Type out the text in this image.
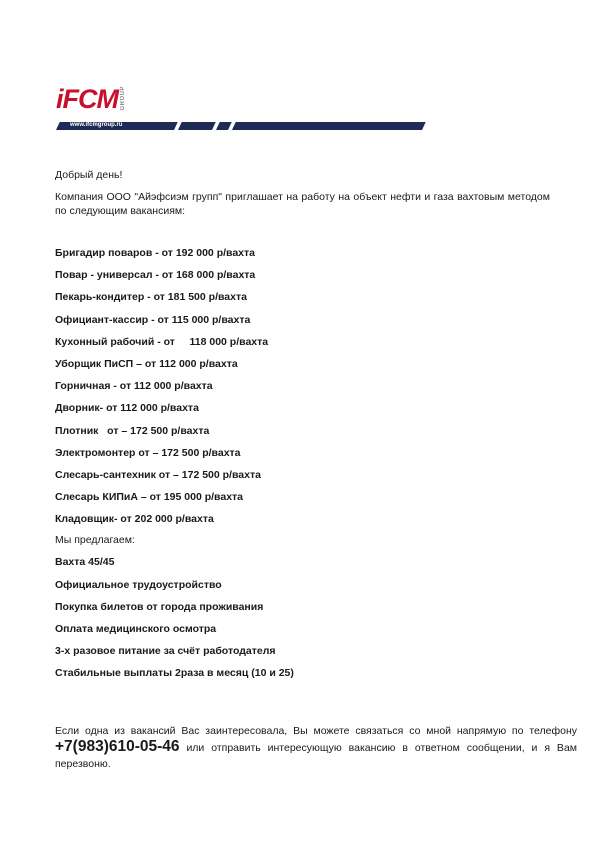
i FCM GROUP
www.ifcmgroup.ru

Добрый день!

Компания ООО "Айэфсиэм групп" приглашает на работу на объект нефти и газа вахтовым методом по следующим вакансиям:

Бригадир поваров - от 192 000 р/вахта

Повар - универсал - от 168 000 р/вахта

Пекарь-кондитер - от 181 500 р/вахта

Официант-кассир - от 115 000 р/вахта

Кухонный рабочий - от     118 000 р/вахта

Уборщик ПиСП – от 112 000 р/вахта

Горничная - от 112 000 р/вахта

Дворник- от 112 000 р/вахта

Плотник   от – 172 500 р/вахта

Электромонтер от – 172 500 р/вахта

Слесарь-сантехник от – 172 500 р/вахта

Слесарь КИПиА – от 195 000 р/вахта

Кладовщик- от 202 000 р/вахта

Мы предлагаем:

Вахта 45/45

Официальное трудоустройство

Покупка билетов от города проживания

Оплата медицинского осмотра

3-х разовое питание за счёт работодателя

Стабильные выплаты 2раза в месяц (10 и 25)

Если одна из вакансий Вас заинтересовала, Вы можете связаться со мной напрямую по телефону +7(983)610-05-46 или отправить интересующую вакансию в ответном сообщении, и я Вам перезвоню.
